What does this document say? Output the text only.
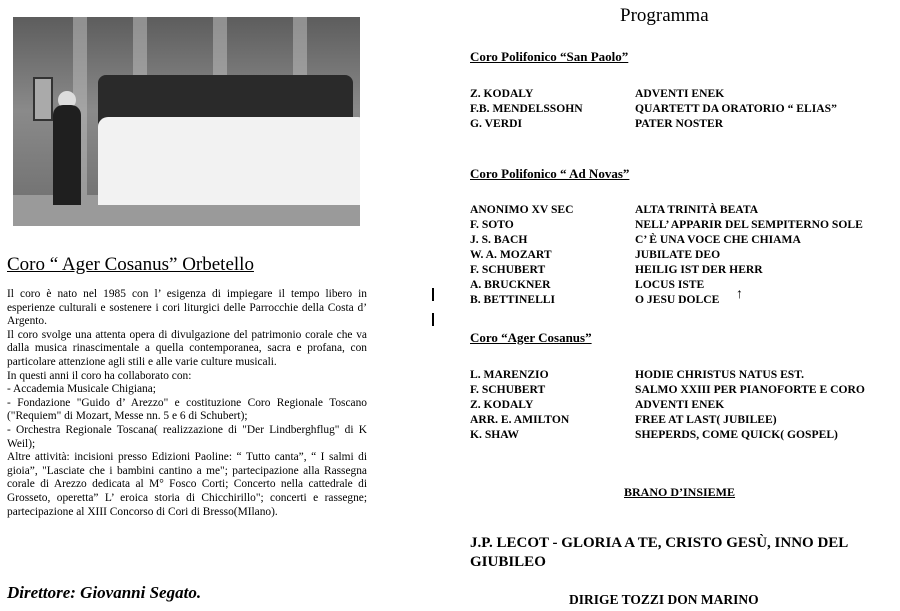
Coro “ Ager Cosanus” Orbetello

Il coro è nato nel 1985 con l’ esigenza di impiegare il tempo libero in esperienze culturali e sostenere i cori liturgici delle Parrocchie della Costa d’ Argento.

Il coro svolge una attenta opera di divulgazione del patrimonio corale che va dalla musica rinascimentale a quella contemporanea, sacra e profana, con particolare attenzione agli stili e alle varie culture musicali.

In questi anni il coro ha collaborato con:

- Accademia Musicale Chigiana;

- Fondazione "Guido d’ Arezzo" e costituzione Coro Regionale Toscano ("Requiem" di Mozart, Messe nn. 5 e 6 di Schubert);

- Orchestra Regionale Toscana( realizzazione di "Der Lindberghflug" di K Weil);

Altre attività: incisioni presso Edizioni Paoline: “ Tutto canta”, “ I salmi di gioia”, "Lasciate che i bambini cantino a me"; partecipazione alla Rassegna corale di Arezzo dedicata al M° Fosco Corti; Concerto nella cattedrale di Grosseto, operetta” L’ eroica storia di Chicchirillo"; concerti e rassegne; partecipazione al XIII Concorso di Cori di Bresso(MIlano).

Direttore: Giovanni Segato.
Programma
Coro Polifonico “San Paolo”
Z. KODALY	ADVENTI ENEK
F.B. MENDELSSOHN	QUARTETT DA ORATORIO “ ELIAS”
G. VERDI	PATER NOSTER
Coro Polifonico “ Ad Novas”
ANONIMO XV SEC	ALTA TRINITÀ BEATA
F. SOTO	NELL’ APPARIR DEL SEMPITERNO SOLE
J. S. BACH	C’ È UNA VOCE CHE CHIAMA
W. A. MOZART	JUBILATE DEO
F. SCHUBERT	HEILIG IST DER HERR
A. BRUCKNER	LOCUS ISTE
B. BETTINELLI	O JESU DOLCE	↑
Coro “Ager Cosanus”
L. MARENZIO	HODIE CHRISTUS NATUS EST.
F. SCHUBERT	SALMO XXIII PER PIANOFORTE E CORO
Z. KODALY	ADVENTI ENEK
ARR. E. AMILTON	FREE AT LAST( JUBILEE)
K. SHAW	SHEPERDS, COME QUICK( GOSPEL)
BRANO D’INSIEME
J.P. LECOT - GLORIA A TE, CRISTO GESÙ, INNO DEL GIUBILEO
DIRIGE TOZZI DON MARINO
